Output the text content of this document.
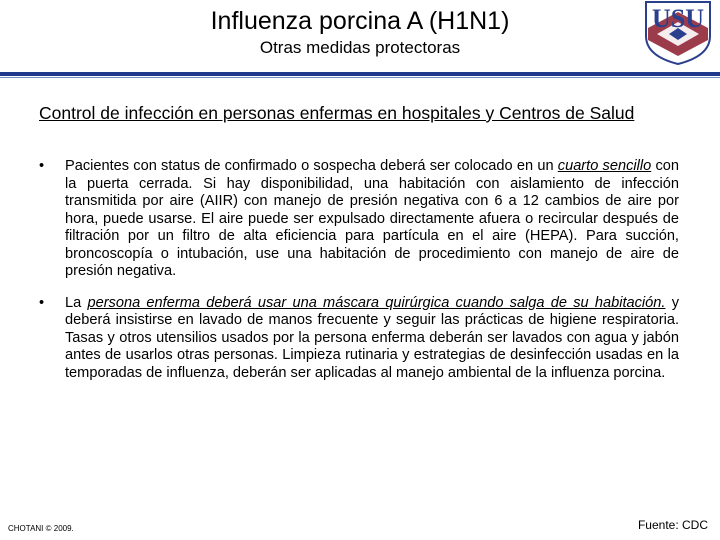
Influenza porcina A (H1N1)
Otras medidas protectoras
USU
Control de infección en personas enfermas en hospitales y Centros de Salud
• Pacientes con status de confirmado o sospecha deberá ser colocado en un cuarto sencillo con la puerta cerrada. Si hay disponibilidad, una habitación con aislamiento de infección transmitida por aire (AIIR) con manejo de presión negativa con 6 a 12 cambios de aire por hora, puede usarse. El aire puede ser expulsado directamente afuera o recircular después de filtración por un filtro de alta eficiencia para partícula en el aire (HEPA). Para succión, broncoscopía o intubación, use una habitación de procedimiento con manejo de aire de presión negativa.
• La persona enferma deberá usar una máscara quirúrgica cuando salga de su habitación. y deberá insistirse en lavado de manos frecuente y seguir las prácticas de higiene respiratoria. Tasas y otros utensilios usados por la persona enferma deberán ser lavados con agua y jabón antes de usarlos otras personas. Limpieza rutinaria y estrategias de desinfección usadas en la temporadas de influenza, deberán ser aplicadas al manejo ambiental de la influenza porcina.
CHOTANI © 2009.	Fuente: CDC
